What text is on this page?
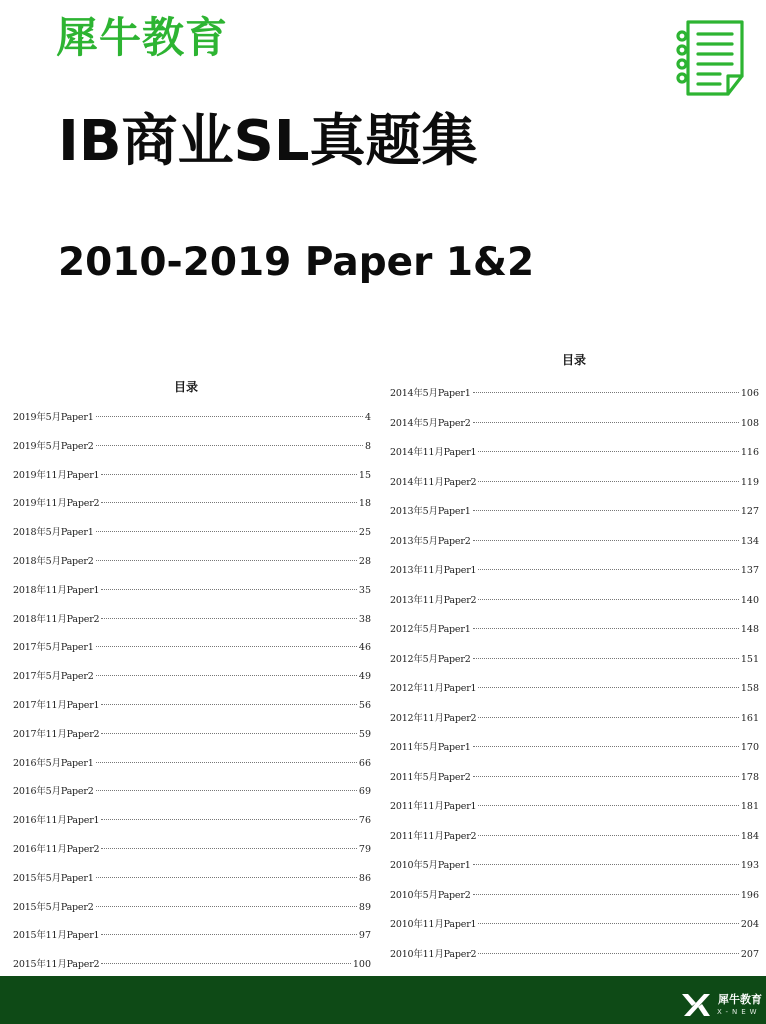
犀牛教育
IB商业SL真题集
2010-2019 Paper 1&2
目录
2019年5月Paper1	4
2019年5月Paper2	8
2019年11月Paper1	15
2019年11月Paper2	18
2018年5月Paper1	25
2018年5月Paper2	28
2018年11月Paper1	35
2018年11月Paper2	38
2017年5月Paper1	46
2017年5月Paper2	49
2017年11月Paper1	56
2017年11月Paper2	59
2016年5月Paper1	66
2016年5月Paper2	69
2016年11月Paper1	76
2016年11月Paper2	79
2015年5月Paper1	86
2015年5月Paper2	89
2015年11月Paper1	97
2015年11月Paper2	100
目录
2014年5月Paper1	106
2014年5月Paper2	108
2014年11月Paper1	116
2014年11月Paper2	119
2013年5月Paper1	127
2013年5月Paper2	134
2013年11月Paper1	137
2013年11月Paper2	140
2012年5月Paper1	148
2012年5月Paper2	151
2012年11月Paper1	158
2012年11月Paper2	161
2011年5月Paper1	170
2011年5月Paper2	178
2011年11月Paper1	181
2011年11月Paper2	184
2010年5月Paper1	193
2010年5月Paper2	196
2010年11月Paper1	204
2010年11月Paper2	207
犀牛教育
X-NEW
